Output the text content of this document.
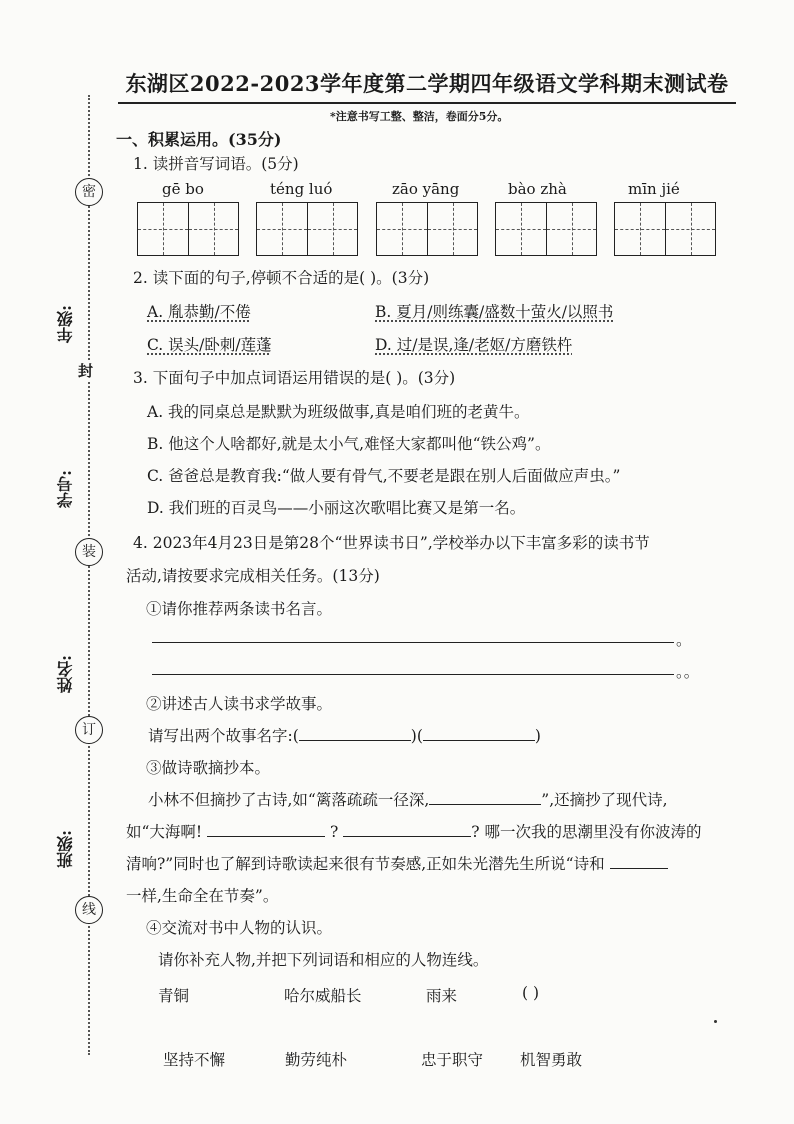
密
封
装
订
线
年级:
学号:
姓名:
班级:
东湖区2022-2023学年度第二学期四年级语文学科期末测试卷
*注意书写工整、整洁，卷面分5分。
一、积累运用。(35分)
1. 读拼音写词语。(5分)
gē bo	téng luó	zāo yāng	bào zhà	mīn jié
2. 读下面的句子,停顿不合适的是( )。(3分)
A. 胤恭勤/不倦	B. 夏月/则练囊/盛数十萤火/以照书
C. 误头/卧刺/莲蓬	D. 过/是误,逢/老妪/方磨铁杵
3. 下面句子中加点词语运用错误的是( )。(3分)
A. 我的同桌总是默默为班级做事,真是咱们班的老黄牛。
B. 他这个人啥都好,就是太小气,难怪大家都叫他“铁公鸡”。
C. 爸爸总是教育我:“做人要有骨气,不要老是跟在别人后面做应声虫。”
D. 我们班的百灵鸟——小丽这次歌唱比赛又是第一名。
4. 2023年4月23日是第28个“世界读书日”,学校举办以下丰富多彩的读书节
活动,请按要求完成相关任务。(13分)
①请你推荐两条读书名言。
。
。。
②讲述古人读书求学故事。
请写出两个故事名字:(	)(	)
③做诗歌摘抄本。
小林不但摘抄了古诗,如“篱落疏疏一径深,	”,还摘抄了现代诗,
如“大海啊!	?	? 哪一次我的思潮里没有你波涛的
清响?”同时也了解到诗歌读起来很有节奏感,正如朱光潜先生所说“诗和
一样,生命全在节奏”。
④交流对书中人物的认识。
请你补充人物,并把下列词语和相应的人物连线。
青铜	哈尔威船长	雨来	( )
坚持不懈	勤劳纯朴	忠于职守 机智勇敢
